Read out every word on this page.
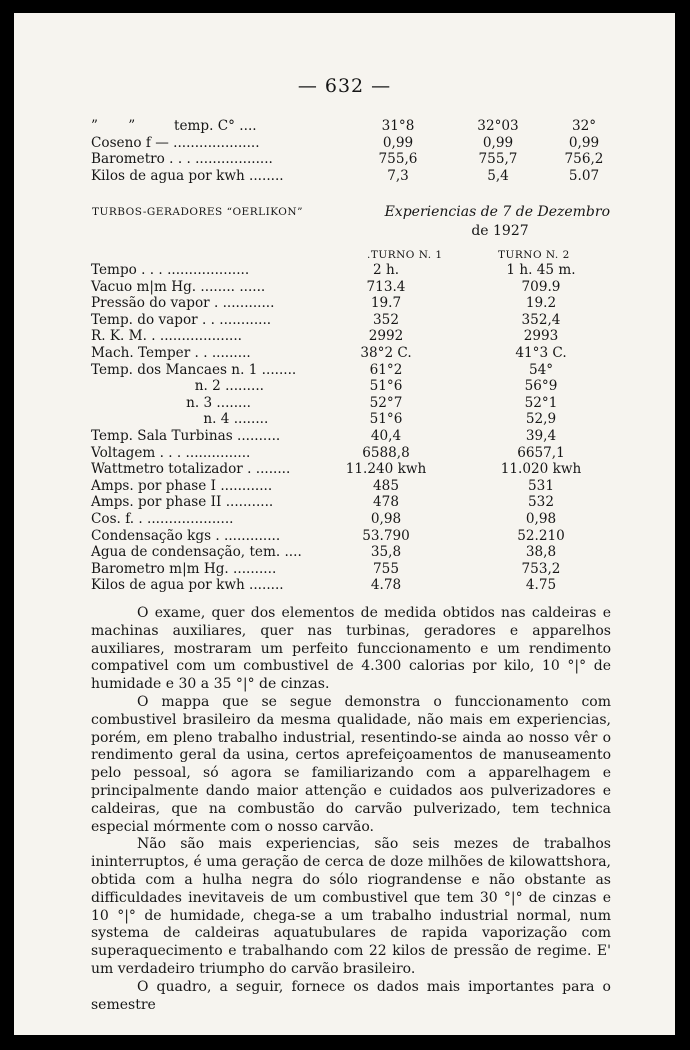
— 632 —
”       ”         temp. C° ....	31°8	32°03	32°
Coseno f — ....................	0,99	0,99	0,99
Barometro . . . ..................	755,6	755,7	756,2
Kilos de agua por kwh ........	7,3	5,4	5.07
TURBOS-GERADORES “OERLIKON”	Experiencias de 7 de Dezembro
de 1927
.TURNO N. 1	TURNO N. 2
Tempo . . . ...................	2 h.	1 h. 45 m.
Vacuo m|m Hg. ........ ......	713.4	709.9
Pressão do vapor . ............	19.7	19.2
Temp. do vapor . . ............	352	352,4
R. K. M. . ...................	2992	2993
Mach. Temper . . .........	38°2 C.	41°3 C.
Temp. dos Mancaes n. 1 ........	61°2	54°
n. 2 .........	51°6	56°9
n. 3 ........	52°7	52°1
n. 4 ........	51°6	52,9
Temp. Sala Turbinas ..........	40,4	39,4
Voltagem . . . ...............	6588,8	6657,1
Wattmetro totalizador . ........	11.240 kwh	11.020 kwh
Amps. por phase I ............	485	531
Amps. por phase II ...........	478	532
Cos. f. . ....................	0,98	0,98
Condensação kgs . .............	53.790	52.210
Agua de condensação, tem. ....	35,8	38,8
Barometro m|m Hg. ..........	755	753,2
Kilos de agua por kwh ........	4.78	4.75

O exame, quer dos elementos de medida obtidos nas caldeiras e machinas auxiliares, quer nas turbinas, geradores e apparelhos auxiliares, mostraram um perfeito funccionamento e um rendimento compativel com um combustivel de 4.300 calorias por kilo, 10 °|° de humidade e 30 a 35 °|° de cinzas.

O mappa que se segue demonstra o funccionamento com combustivel brasileiro da mesma qualidade, não mais em experiencias, porém, em pleno trabalho industrial, resentindo-se ainda ao nosso vêr o rendimento geral da usina, certos aprefeiçoamentos de manuseamento pelo pessoal, só agora se familiarizando com a apparelhagem e principalmente dando maior attenção e cuidados aos pulverizadores e caldeiras, que na combustão do carvão pulverizado, tem technica especial mórmente com o nosso carvão.

Não são mais experiencias, são seis mezes de trabalhos ininterruptos, é uma geração de cerca de doze milhões de kilowattshora, obtida com a hulha negra do sólo riograndense e não obstante as difficuldades inevitaveis de um combustivel que tem 30 °|° de cinzas e 10 °|° de humidade, chega-se a um trabalho industrial normal, num systema de caldeiras aquatubulares de rapida vaporização com superaquecimento e trabalhando com 22 kilos de pressão de regime. E' um verdadeiro triumpho do carvão brasileiro.

O quadro, a seguir, fornece os dados mais importantes para o semestre
